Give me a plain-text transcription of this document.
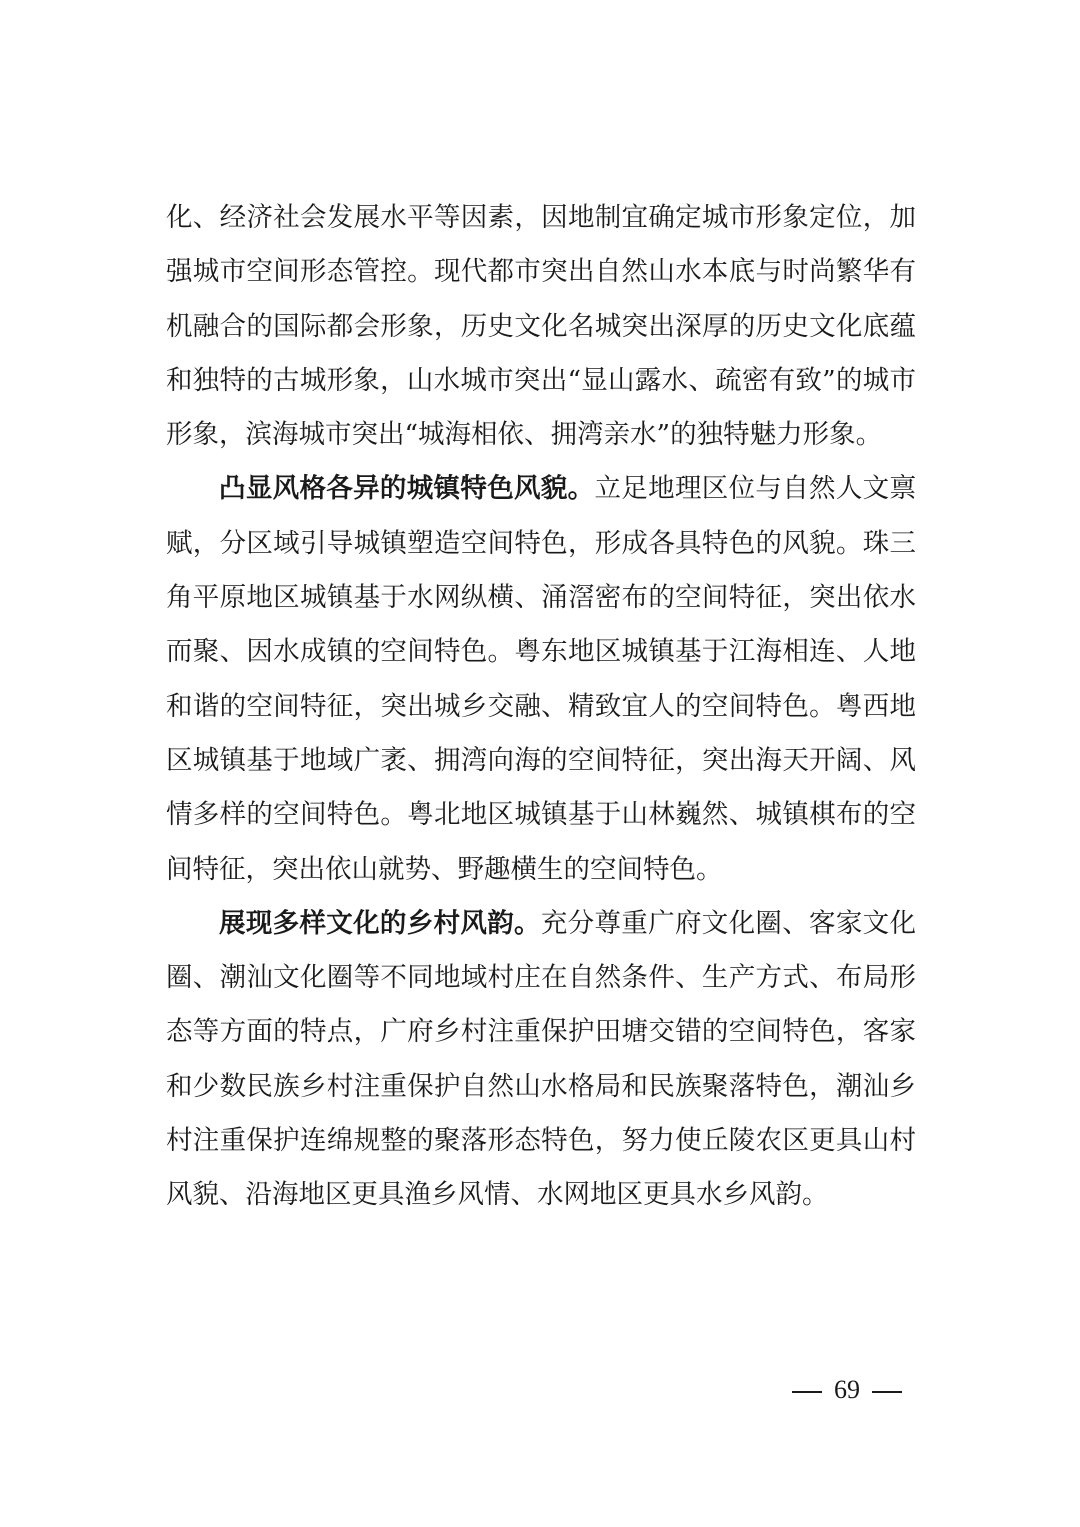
化、经济社会发展水平等因素，因地制宜确定城市形象定位，加强城市空间形态管控。现代都市突出自然山水本底与时尚繁华有机融合的国际都会形象，历史文化名城突出深厚的历史文化底蕴和独特的古城形象，山水城市突出“显山露水、疏密有致”的城市形象，滨海城市突出“城海相依、拥湾亲水”的独特魅力形象。

凸显风格各异的城镇特色风貌。立足地理区位与自然人文禀赋，分区域引导城镇塑造空间特色，形成各具特色的风貌。珠三角平原地区城镇基于水网纵横、涌滘密布的空间特征，突出依水而聚、因水成镇的空间特色。粤东地区城镇基于江海相连、人地和谐的空间特征，突出城乡交融、精致宜人的空间特色。粤西地区城镇基于地域广袤、拥湾向海的空间特征，突出海天开阔、风情多样的空间特色。粤北地区城镇基于山林巍然、城镇棋布的空间特征，突出依山就势、野趣横生的空间特色。

展现多样文化的乡村风韵。充分尊重广府文化圈、客家文化圈、潮汕文化圈等不同地域村庄在自然条件、生产方式、布局形态等方面的特点，广府乡村注重保护田塘交错的空间特色，客家和少数民族乡村注重保护自然山水格局和民族聚落特色，潮汕乡村注重保护连绵规整的聚落形态特色，努力使丘陵农区更具山村风貌、沿海地区更具渔乡风情、水网地区更具水乡风韵。

69
